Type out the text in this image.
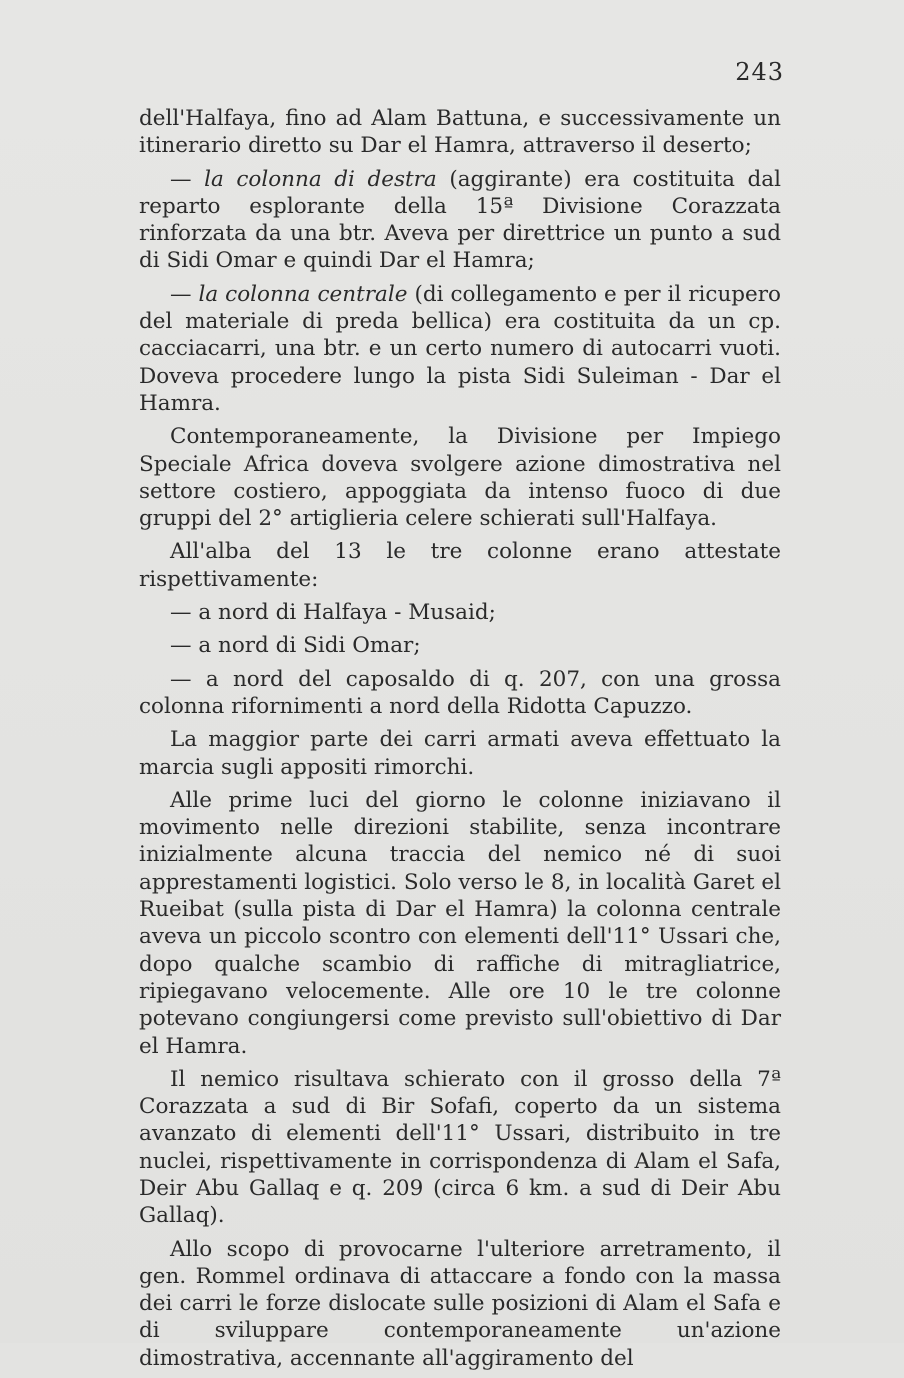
243

dell'Halfaya, fino ad Alam Battuna, e successivamente un itinerario diretto su Dar el Hamra, attraverso il deserto;

— la colonna di destra (aggirante) era costituita dal reparto esplorante della 15ª Divisione Corazzata rinforzata da una btr. Aveva per direttrice un punto a sud di Sidi Omar e quindi Dar el Hamra;

— la colonna centrale (di collegamento e per il ricupero del materiale di preda bellica) era costituita da un cp. cacciacarri, una btr. e un certo numero di autocarri vuoti. Doveva procedere lungo la pista Sidi Suleiman - Dar el Hamra.

Contemporaneamente, la Divisione per Impiego Speciale Africa doveva svolgere azione dimostrativa nel settore costiero, appoggiata da intenso fuoco di due gruppi del 2° artiglieria celere schierati sull'Halfaya.

All'alba del 13 le tre colonne erano attestate rispettivamente:

— a nord di Halfaya - Musaid;

— a nord di Sidi Omar;

— a nord del caposaldo di q. 207, con una grossa colonna rifornimenti a nord della Ridotta Capuzzo.

La maggior parte dei carri armati aveva effettuato la marcia sugli appositi rimorchi.

Alle prime luci del giorno le colonne iniziavano il movimento nelle direzioni stabilite, senza incontrare inizialmente alcuna traccia del nemico né di suoi apprestamenti logistici. Solo verso le 8, in località Garet el Rueibat (sulla pista di Dar el Hamra) la colonna centrale aveva un piccolo scontro con elementi dell'11° Ussari che, dopo qualche scambio di raffiche di mitragliatrice, ripiegavano velocemente. Alle ore 10 le tre colonne potevano congiungersi come previsto sull'obiettivo di Dar el Hamra.

Il nemico risultava schierato con il grosso della 7ª Corazzata a sud di Bir Sofafi, coperto da un sistema avanzato di elementi dell'11° Ussari, distribuito in tre nuclei, rispettivamente in corrispondenza di Alam el Safa, Deir Abu Gallaq e q. 209 (circa 6 km. a sud di Deir Abu Gallaq).

Allo scopo di provocarne l'ulteriore arretramento, il gen. Rommel ordinava di attaccare a fondo con la massa dei carri le forze dislocate sulle posizioni di Alam el Safa e di sviluppare contemporaneamente un'azione dimostrativa, accennante all'aggiramento del
